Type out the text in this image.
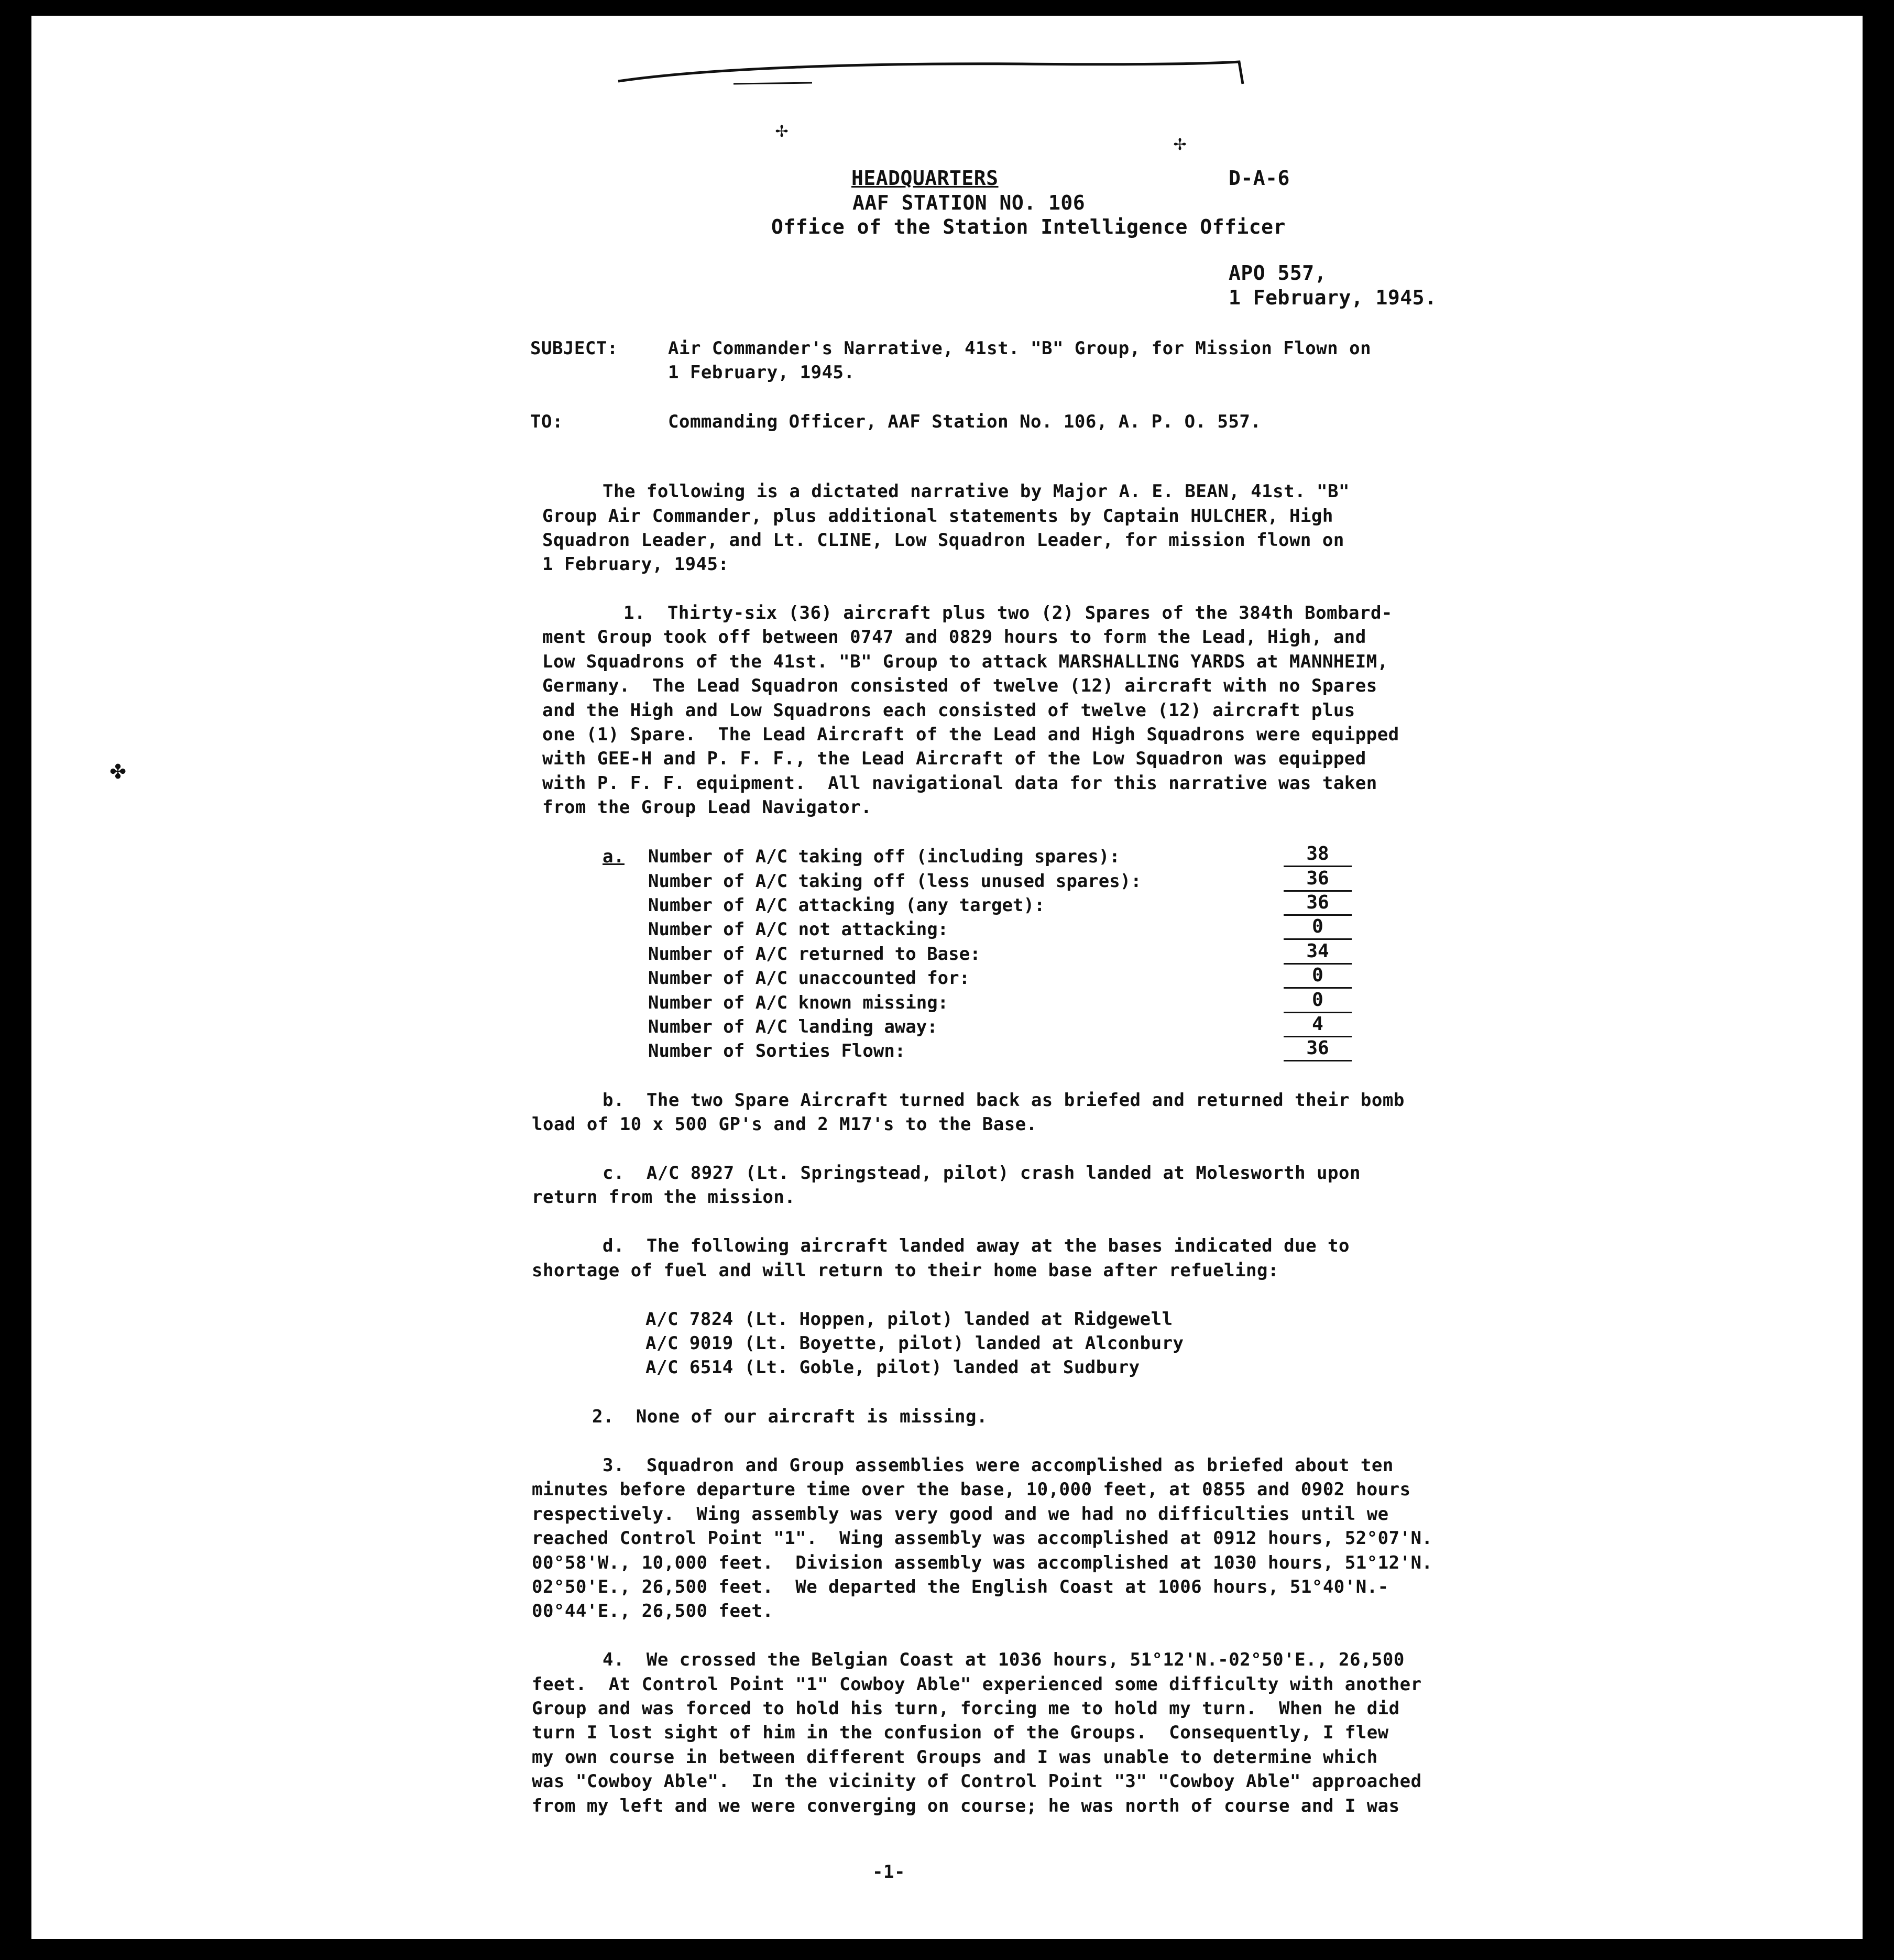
✢
✢
✤
HEADQUARTERS	D-A-6
AAF STATION NO. 106
Office of the Station Intelligence Officer
APO 557,
1 February, 1945.
SUBJECT:	Air Commander's Narrative, 41st. "B" Group, for Mission Flown on
1 February, 1945.
TO:	Commanding Officer, AAF Station No. 106, A. P. O. 557.
The following is a dictated narrative by Major A. E. BEAN, 41st. "B"
Group Air Commander, plus additional statements by Captain HULCHER, High
Squadron Leader, and Lt. CLINE, Low Squadron Leader, for mission flown on
1 February, 1945:
1.  Thirty-six (36) aircraft plus two (2) Spares of the 384th Bombard-
ment Group took off between 0747 and 0829 hours to form the Lead, High, and
Low Squadrons of the 41st. "B" Group to attack MARSHALLING YARDS at MANNHEIM,
Germany.  The Lead Squadron consisted of twelve (12) aircraft with no Spares
and the High and Low Squadrons each consisted of twelve (12) aircraft plus
one (1) Spare.  The Lead Aircraft of the Lead and High Squadrons were equipped
with GEE-H and P. F. F., the Lead Aircraft of the Low Squadron was equipped
with P. F. F. equipment.  All navigational data for this narrative was taken
from the Group Lead Navigator.
a. Number of A/C taking off (including spares):	38
Number of A/C taking off (less unused spares):	36
Number of A/C attacking (any target):	36
Number of A/C not attacking:	0
Number of A/C returned to Base:	34
Number of A/C unaccounted for:	0
Number of A/C known missing:	0
Number of A/C landing away:	4
Number of Sorties Flown:	36
b.  The two Spare Aircraft turned back as briefed and returned their bomb
load of 10 x 500 GP's and 2 M17's to the Base.
c.  A/C 8927 (Lt. Springstead, pilot) crash landed at Molesworth upon
return from the mission.
d.  The following aircraft landed away at the bases indicated due to
shortage of fuel and will return to their home base after refueling:
A/C 7824 (Lt. Hoppen, pilot) landed at Ridgewell
A/C 9019 (Lt. Boyette, pilot) landed at Alconbury
A/C 6514 (Lt. Goble, pilot) landed at Sudbury
2.  None of our aircraft is missing.
3.  Squadron and Group assemblies were accomplished as briefed about ten
minutes before departure time over the base, 10,000 feet, at 0855 and 0902 hours
respectively.  Wing assembly was very good and we had no difficulties until we
reached Control Point "1".  Wing assembly was accomplished at 0912 hours, 52°07'N.
00°58'W., 10,000 feet.  Division assembly was accomplished at 1030 hours, 51°12'N.
02°50'E., 26,500 feet.  We departed the English Coast at 1006 hours, 51°40'N.-
00°44'E., 26,500 feet.
4.  We crossed the Belgian Coast at 1036 hours, 51°12'N.-02°50'E., 26,500
feet.  At Control Point "1" Cowboy Able" experienced some difficulty with another
Group and was forced to hold his turn, forcing me to hold my turn.  When he did
turn I lost sight of him in the confusion of the Groups.  Consequently, I flew
my own course in between different Groups and I was unable to determine which
was "Cowboy Able".  In the vicinity of Control Point "3" "Cowboy Able" approached
from my left and we were converging on course; he was north of course and I was
-1-
